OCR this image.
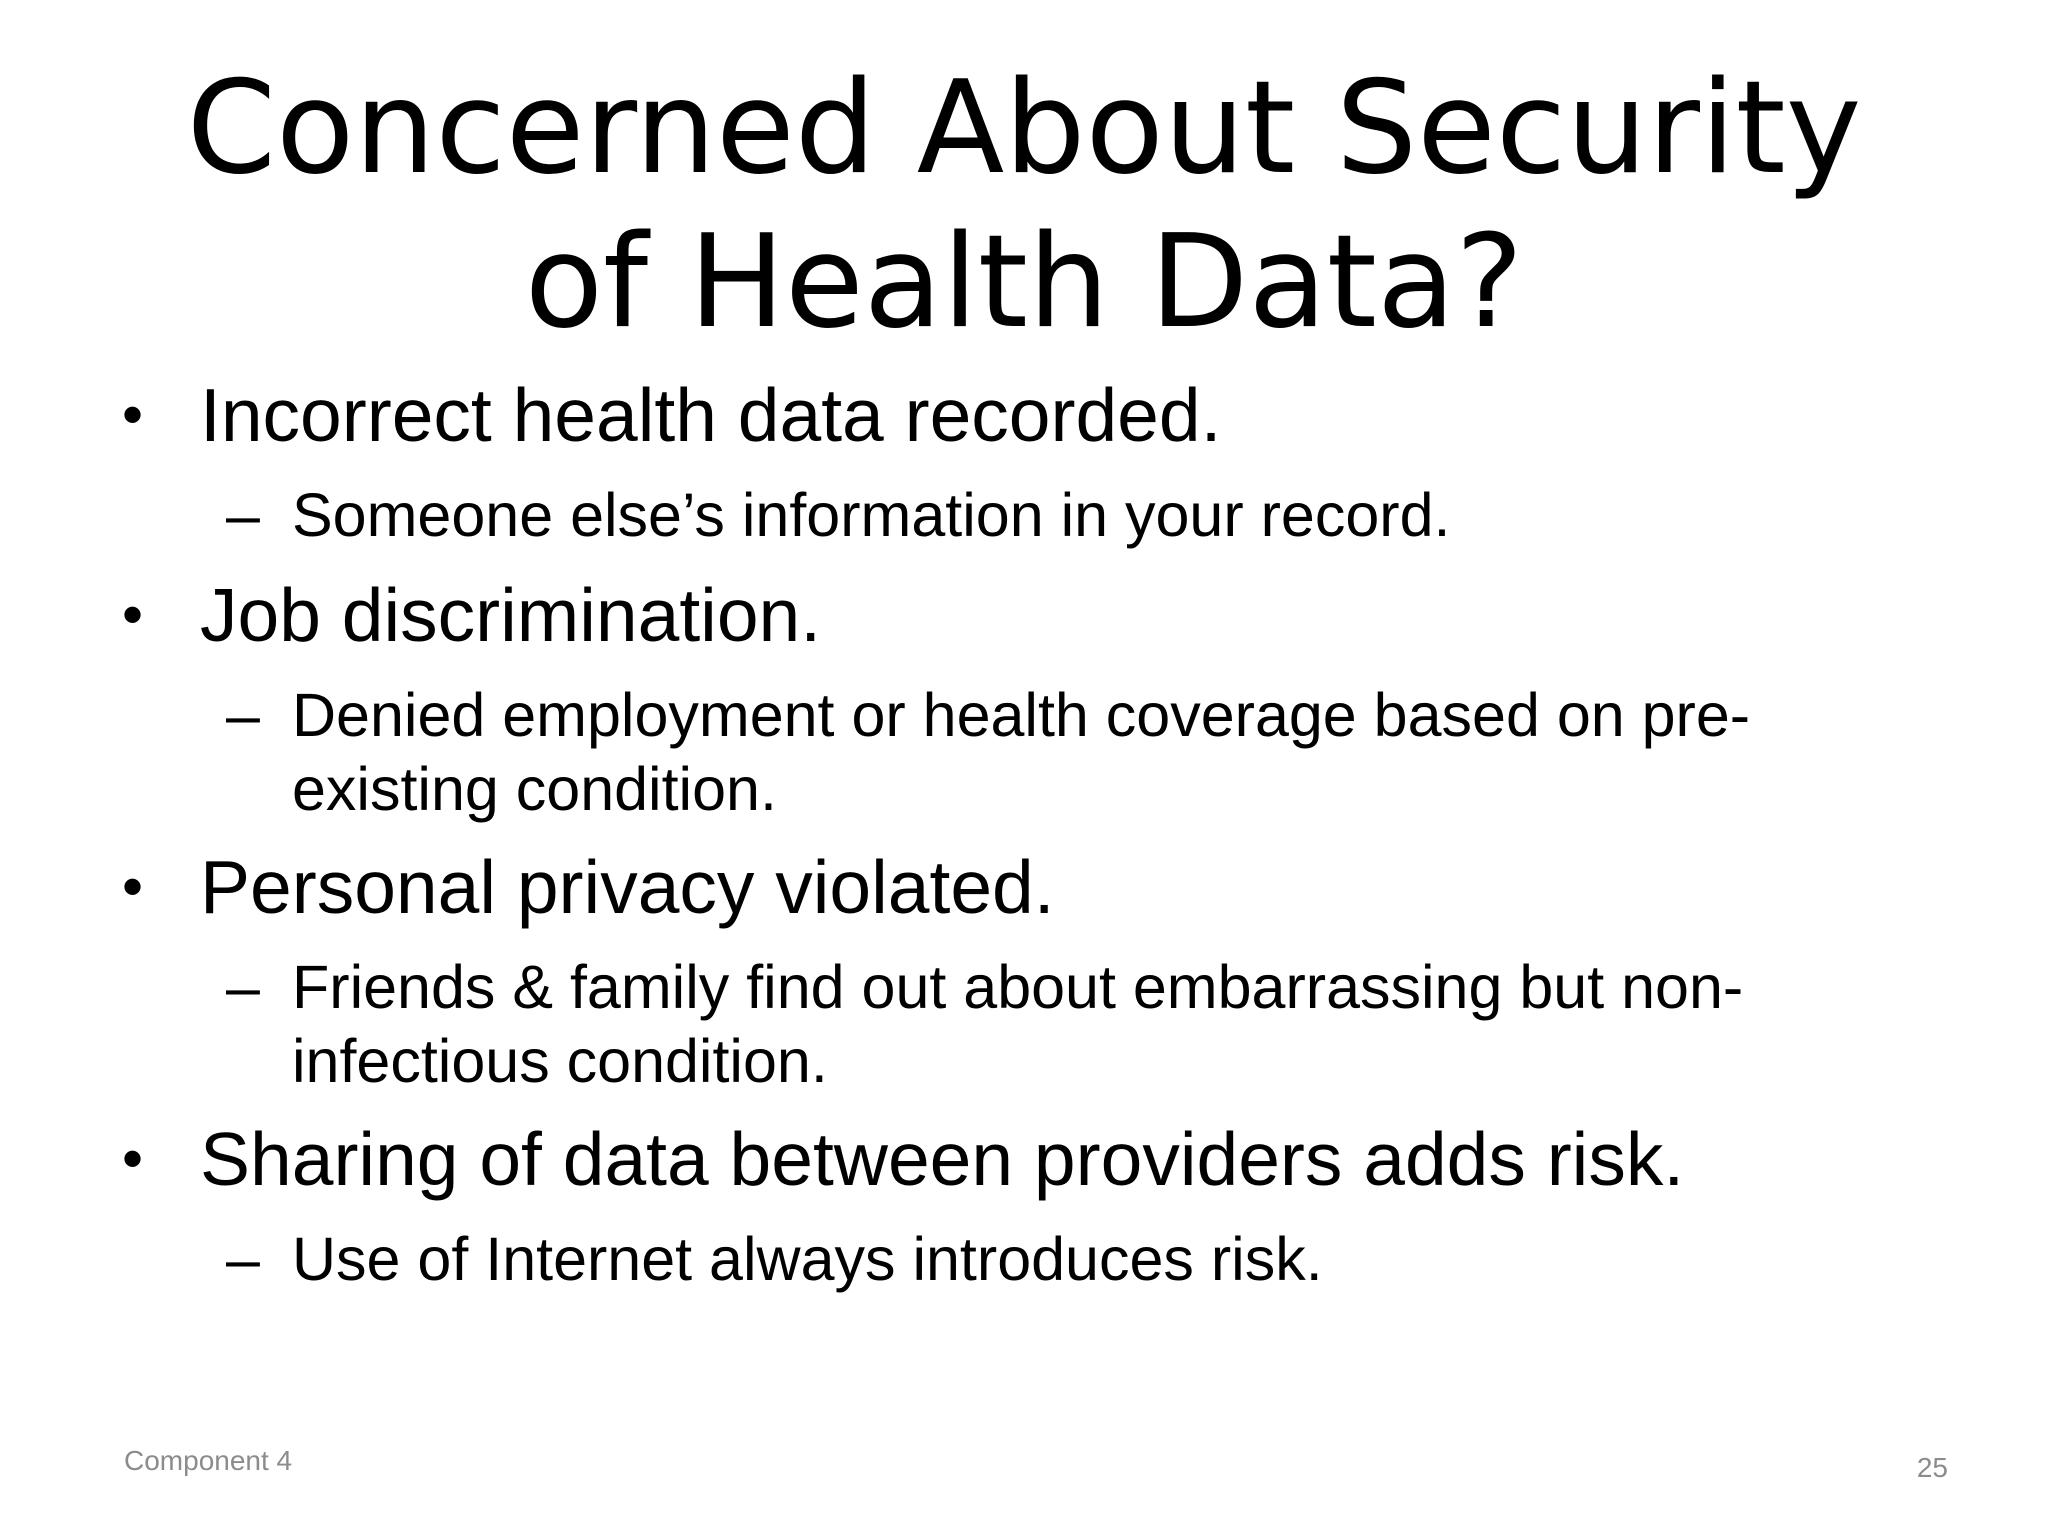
Concerned About Security
of Health Data?
• Incorrect health data recorded.
– Someone else’s information in your record.
• Job discrimination.
– Denied employment or health coverage based on pre-
existing condition.
• Personal privacy violated.
– Friends & family find out about embarrassing but non-
infectious condition.
• Sharing of data between providers adds risk.
– Use of Internet always introduces risk.
Component 4	25
